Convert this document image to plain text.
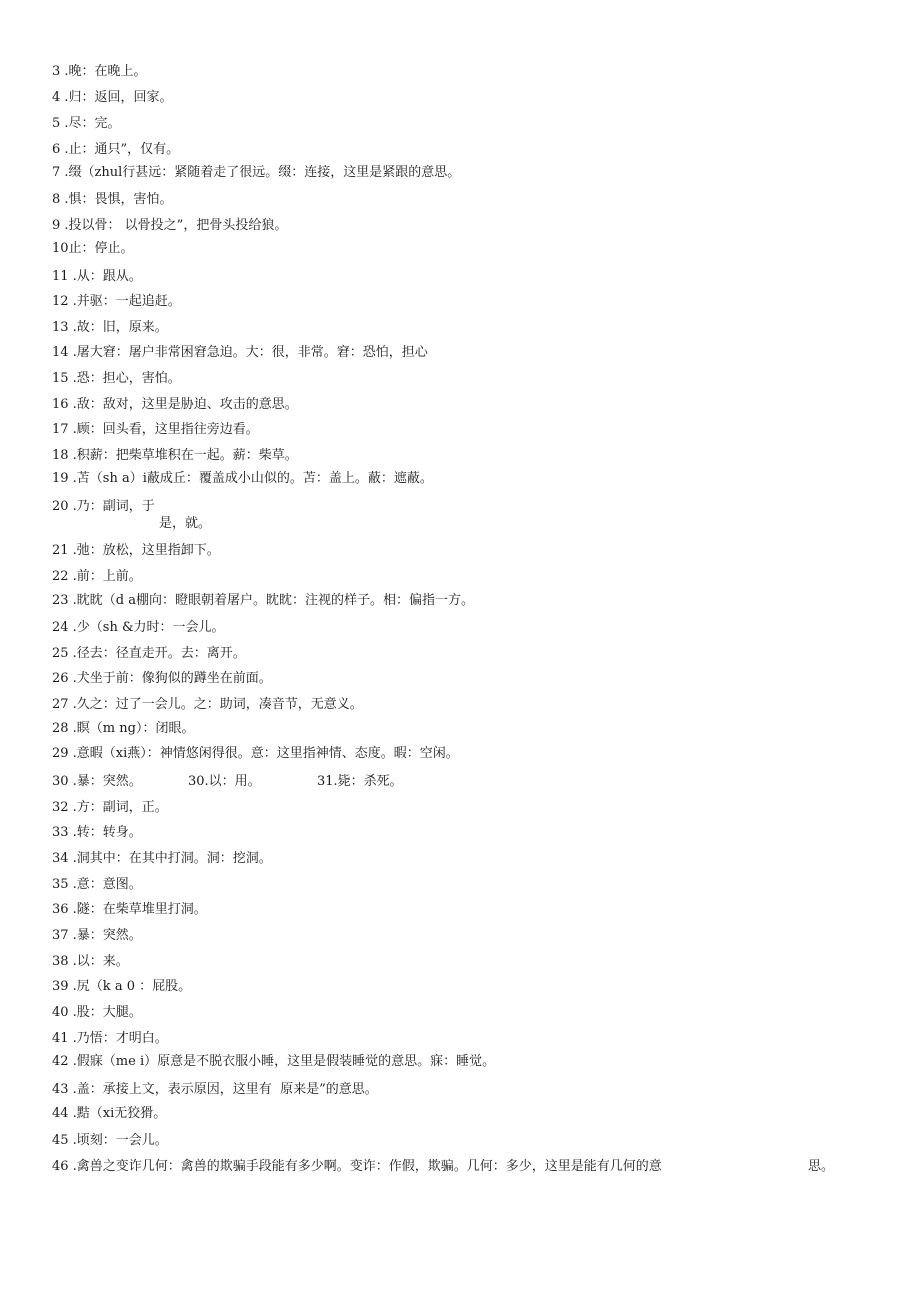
3 .晚：在晚上。
4 .归：返回，回家。
5 .尽：完。
6 .止：通只”，仅有。
7 .缀（zhul行甚远：紧随着走了很远。缀：连接，这里是紧跟的意思。
8 .惧：畏惧，害怕。
9 .投以骨： 以骨投之”，把骨头投给狼。
10止：停止。
11 .从：跟从。
12 .并驱：一起追赶。
13 .故：旧，原来。
14 .屠大窘：屠户非常困窘急迫。大：很，非常。窘：恐怕，担心
15 .恐：担心，害怕。
16 .敌：敌对，这里是胁迫、攻击的意思。
17 .顾：回头看，这里指往旁边看。
18 .积薪：把柴草堆积在一起。薪：柴草。
19 .苫（sh a）i蔽成丘：覆盖成小山似的。苫：盖上。蔽：遮蔽。
20 .乃：副词，于
是，就。
21 .弛：放松，这里指卸下。
22 .前：上前。
23 .眈眈（d a棚向：瞪眼朝着屠户。眈眈：注视的样子。相：偏指一方。
24 .少（sh &力时：一会儿。
25 .径去：径直走开。去：离开。
26 .犬坐于前：像狗似的蹲坐在前面。
27 .久之：过了一会儿。之：助词，凑音节，无意义。
28 .瞑（m ng）：闭眼。
29 .意暇（xi燕）：神情悠闲得很。意：这里指神情、态度。暇：空闲。
30 .暴：突然。	30.以：用。	31.毙：杀死。
32 .方：副词，正。
33 .转：转身。
34 .洞其中：在其中打洞。洞：挖洞。
35 .意：意图。
36 .隧：在柴草堆里打洞。
37 .暴：突然。
38 .以：来。
39 .尻（k a 0 ：屁股。
40 .股：大腿。
41 .乃悟：才明白。
42 .假寐（me i）原意是不脱衣服小睡，这里是假装睡觉的意思。寐：睡觉。
43 .盖：承接上文，表示原因，这里有  原来是”的意思。
44 .黠（xi无狡猾。
45 .顷刻：一会儿。
46 .禽兽之变诈几何：禽兽的欺骗手段能有多少啊。变诈：作假，欺骗。几何：多少，这里是能有几何的意	思。
